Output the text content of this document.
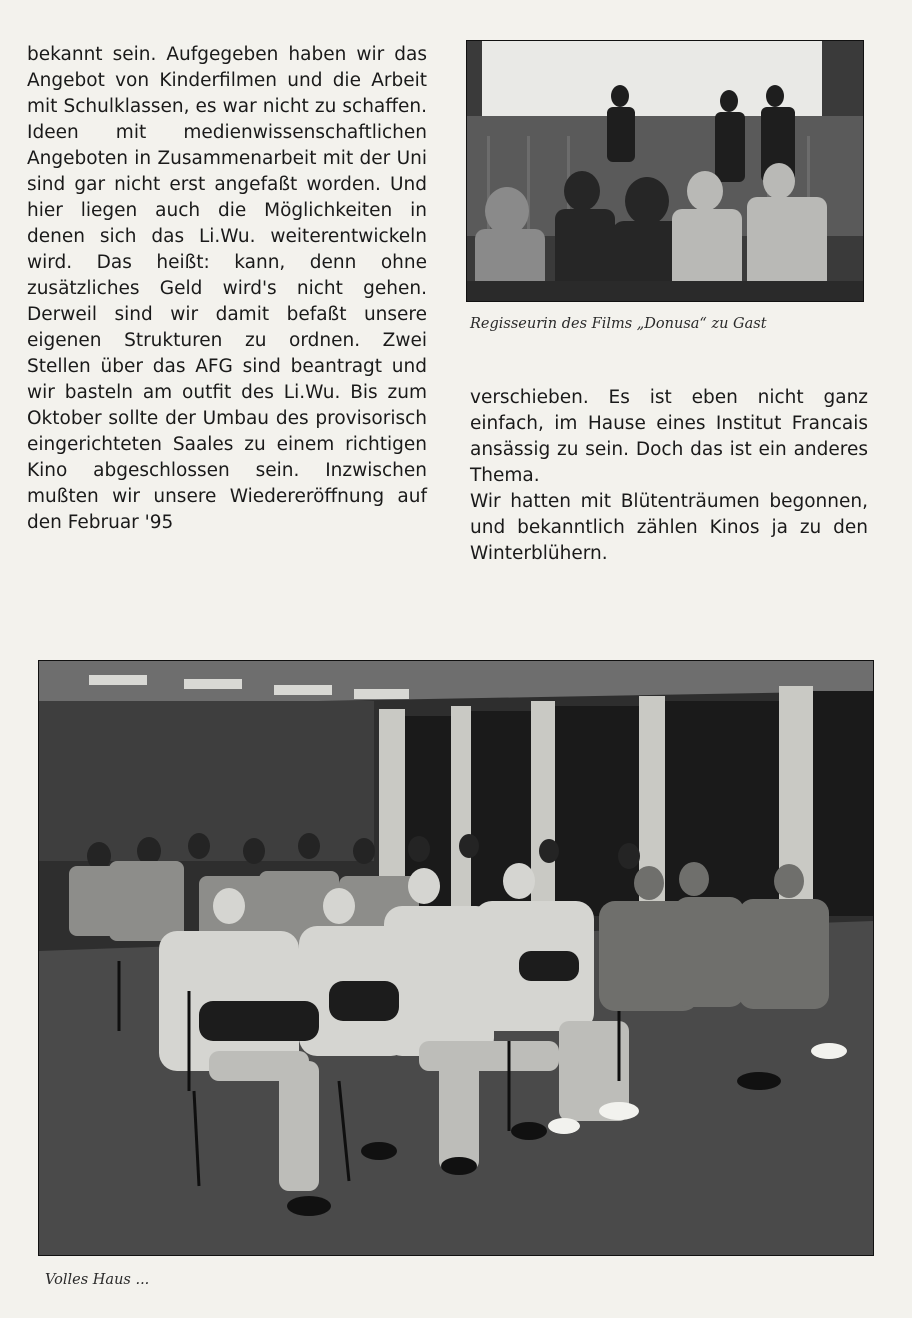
bekannt sein. Aufgegeben haben wir das Angebot von Kinderfilmen und die Arbeit mit Schulklassen, es war nicht zu schaffen. Ideen mit medienwissenschaftlichen Angeboten in Zusammenarbeit mit der Uni sind gar nicht erst angefaßt worden. Und hier liegen auch die Möglichkeiten in denen sich das Li.Wu. weiterentwickeln wird. Das heißt: kann, denn ohne zusätzliches Geld wird's nicht gehen. Derweil sind wir damit befaßt unsere eigenen Strukturen zu ordnen. Zwei Stellen über das AFG sind beantragt und wir basteln am outfit des Li.Wu. Bis zum Oktober sollte der Umbau des provisorisch eingerichteten Saales zu einem richtigen Kino abgeschlossen sein. Inzwischen mußten wir unsere Wiedereröffnung auf den Februar '95

Regisseurin des Films „Donusa“ zu Gast

verschieben. Es ist eben nicht ganz einfach, im Hause eines Institut Francais ansässig zu sein. Doch das ist ein anderes Thema.

Wir hatten mit Blütenträumen begonnen, und bekanntlich zählen Kinos ja zu den Winterblühern.

Volles Haus ...
